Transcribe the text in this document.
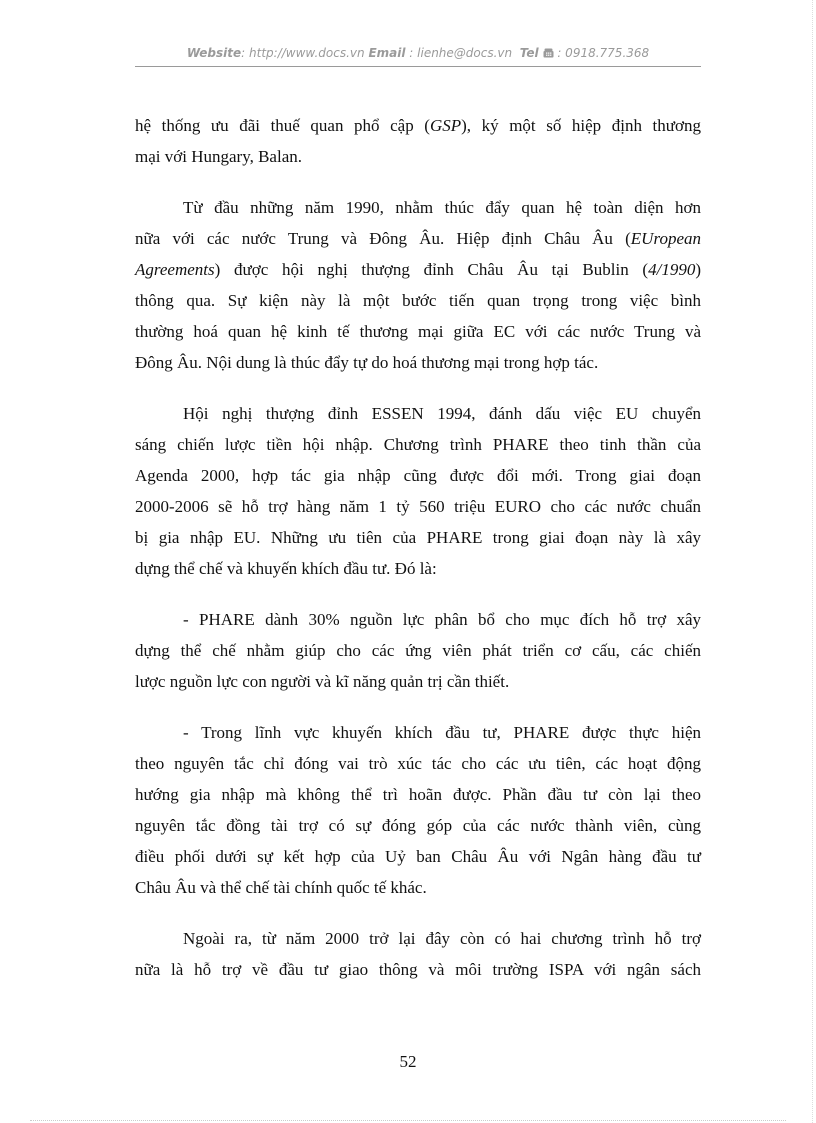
Website: http://www.docs.vn Email : lienhe@docs.vn Tel : 0918.775.368

hệ thống ưu đãi thuế quan phổ cập (GSP), ký một số hiệp định thương
mại với Hungary, Balan.

Từ đầu những năm 1990, nhằm thúc đẩy quan hệ toàn diện hơn
nữa với các nước Trung và Đông Âu. Hiệp định Châu Âu (EUropean
Agreements) được hội nghị thượng đỉnh Châu Âu tại Bublin (4/1990)
thông qua. Sự kiện này là một bước tiến quan trọng trong việc bình
thường hoá quan hệ kinh tế thương mại giữa EC với các nước Trung và
Đông Âu. Nội dung là thúc đẩy tự do hoá thương mại trong hợp tác.

Hội nghị thượng đỉnh ESSEN 1994, đánh dấu việc EU chuyển
sáng chiến lược tiền hội nhập. Chương trình PHARE theo tinh thần của
Agenda 2000, hợp tác gia nhập cũng được đổi mới. Trong giai đoạn
2000-2006 sẽ hỗ trợ hàng năm 1 tỷ 560 triệu EURO cho các nước chuẩn
bị gia nhập EU. Những ưu tiên của PHARE trong giai đoạn này là xây
dựng thể chế và khuyến khích đầu tư. Đó là:

- PHARE dành 30% nguồn lực phân bổ cho mục đích hỗ trợ xây
dựng thể chế nhằm giúp cho các ứng viên phát triển cơ cấu, các chiến
lược nguồn lực con người và kĩ năng quản trị cần thiết.

- Trong lĩnh vực khuyến khích đầu tư, PHARE được thực hiện
theo nguyên tắc chỉ đóng vai trò xúc tác cho các ưu tiên, các hoạt động
hướng gia nhập mà không thể trì hoãn được. Phần đầu tư còn lại theo
nguyên tắc đồng tài trợ có sự đóng góp của các nước thành viên, cùng
điều phối dưới sự kết hợp của Uỷ ban Châu Âu với Ngân hàng đầu tư
Châu Âu và thể chế tài chính quốc tế khác.

Ngoài ra, từ năm 2000 trở lại đây còn có hai chương trình hỗ trợ
nữa là hỗ trợ về đầu tư giao thông và môi trường ISPA với ngân sách

52
